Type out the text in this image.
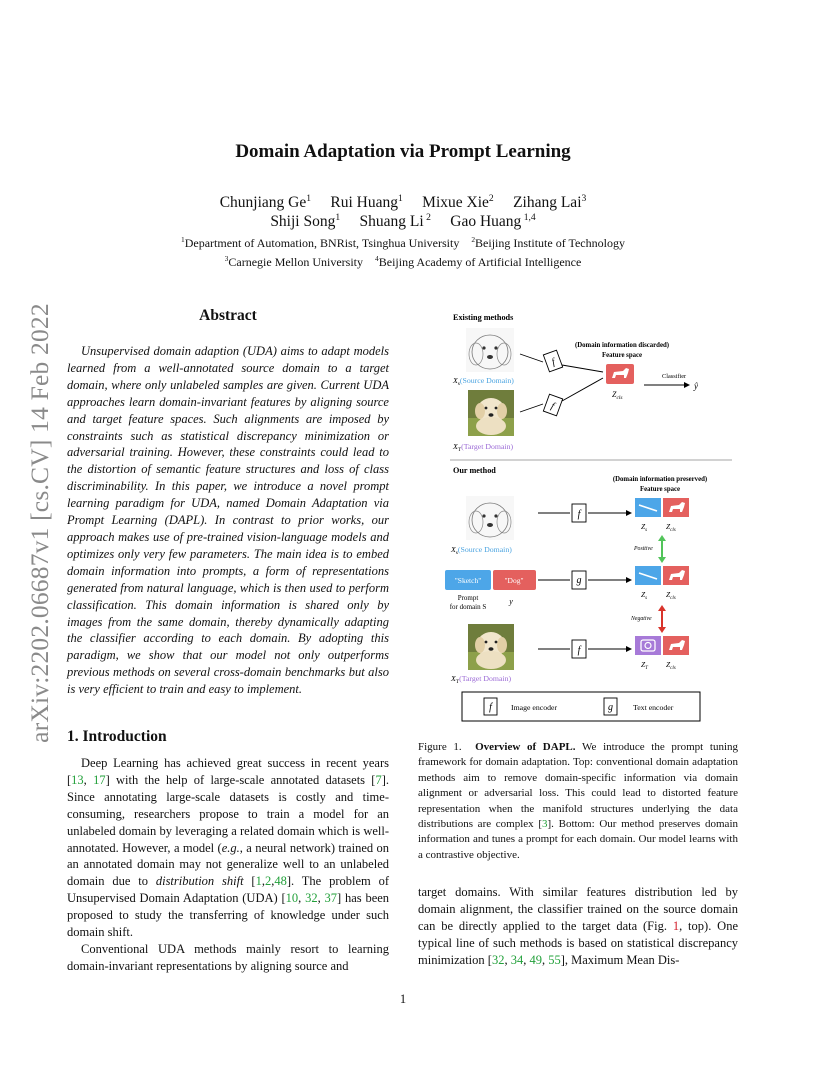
arXiv:2202.06687v1 [cs.CV] 14 Feb 2022
Domain Adaptation via Prompt Learning
Chunjiang Ge$^1$ Rui Huang$^1$ Mixue Xie$^2$ Zihang Lai$^3$
Shiji Song$^1$ Shuang Li $^2$ Gao Huang $^{1,4}$
$^1$Department of Automation, BNRist, Tsinghua University $^2$Beijing Institute of Technology
$^3$Carnegie Mellon University $^4$Beijing Academy of Artificial Intelligence
Abstract

Unsupervised domain adaption (UDA) aims to adapt models learned from a well-annotated source domain to a target domain, where only unlabeled samples are given. Current UDA approaches learn domain-invariant features by aligning source and target feature spaces. Such alignments are imposed by constraints such as statistical discrepancy minimization or adversarial training. However, these constraints could lead to the distortion of semantic feature structures and loss of class discriminability. In this paper, we introduce a novel prompt learning paradigm for UDA, named Domain Adaptation via Prompt Learning (DAPL). In contrast to prior works, our approach makes use of pre-trained vision-language models and optimizes only very few parameters. The main idea is to embed domain information into prompts, a form of representations generated from natural language, which is then used to perform classification. This domain information is shared only by images from the same domain, thereby dynamically adapting the classifier according to each domain. By adopting this paradigm, we show that our model not only outperforms previous methods on several cross-domain benchmarks but also is very efficient to train and easy to implement.

1. Introduction

Deep Learning has achieved great success in recent years [13, 17] with the help of large-scale annotated datasets [7]. Since annotating large-scale datasets is costly and time-consuming, researchers propose to train a model for an unlabeled domain by leveraging a related domain which is well-annotated. However, a model (e.g., a neural network) trained on an annotated domain may not generalize well to an unlabeled domain due to distribution shift [1,2,48]. The problem of Unsupervised Domain Adaptation (UDA) [10, 32, 37] has been proposed to study the transferring of knowledge under such domain shift.

Conventional UDA methods mainly resort to learning domain-invariant representations by aligning source and

Existing methods
$X_s(Source$ Domain)
$X_T(Target$ Domain)
f
f
(Domain information discarded)
Feature space
$Z_{cls}$
Classifier
ŷ
Our method
(Domain information preserved)
Feature space
$X_s(Source$ Domain)
f
$Z_s$	$Z_{cls}$
Positive
"Sketch"	"Dog"
Prompt
for domain S
y
g
$Z_s$	$Z_{cls}$
Negative
$X_T(Target$ Domain)
f
$Z_T$ $Z_{cls}$
f Image encoder	g	Text encoder
Figure 1. Overview of DAPL. We introduce the prompt tuning framework for domain adaptation. Top: conventional domain adaptation methods aim to remove domain-specific information via domain alignment or adversarial loss. This could lead to distorted feature representation when the manifold structures underlying the data distributions are complex [3]. Bottom: Our method preserves domain information and tunes a prompt for each domain. Our model learns with a contrastive objective.

target domains. With similar features distribution led by domain alignment, the classifier trained on the source domain can be directly applied to the target data (Fig. 1, top). One typical line of such methods is based on statistical discrepancy minimization [32, 34, 49, 55], Maximum Mean Dis-

1
